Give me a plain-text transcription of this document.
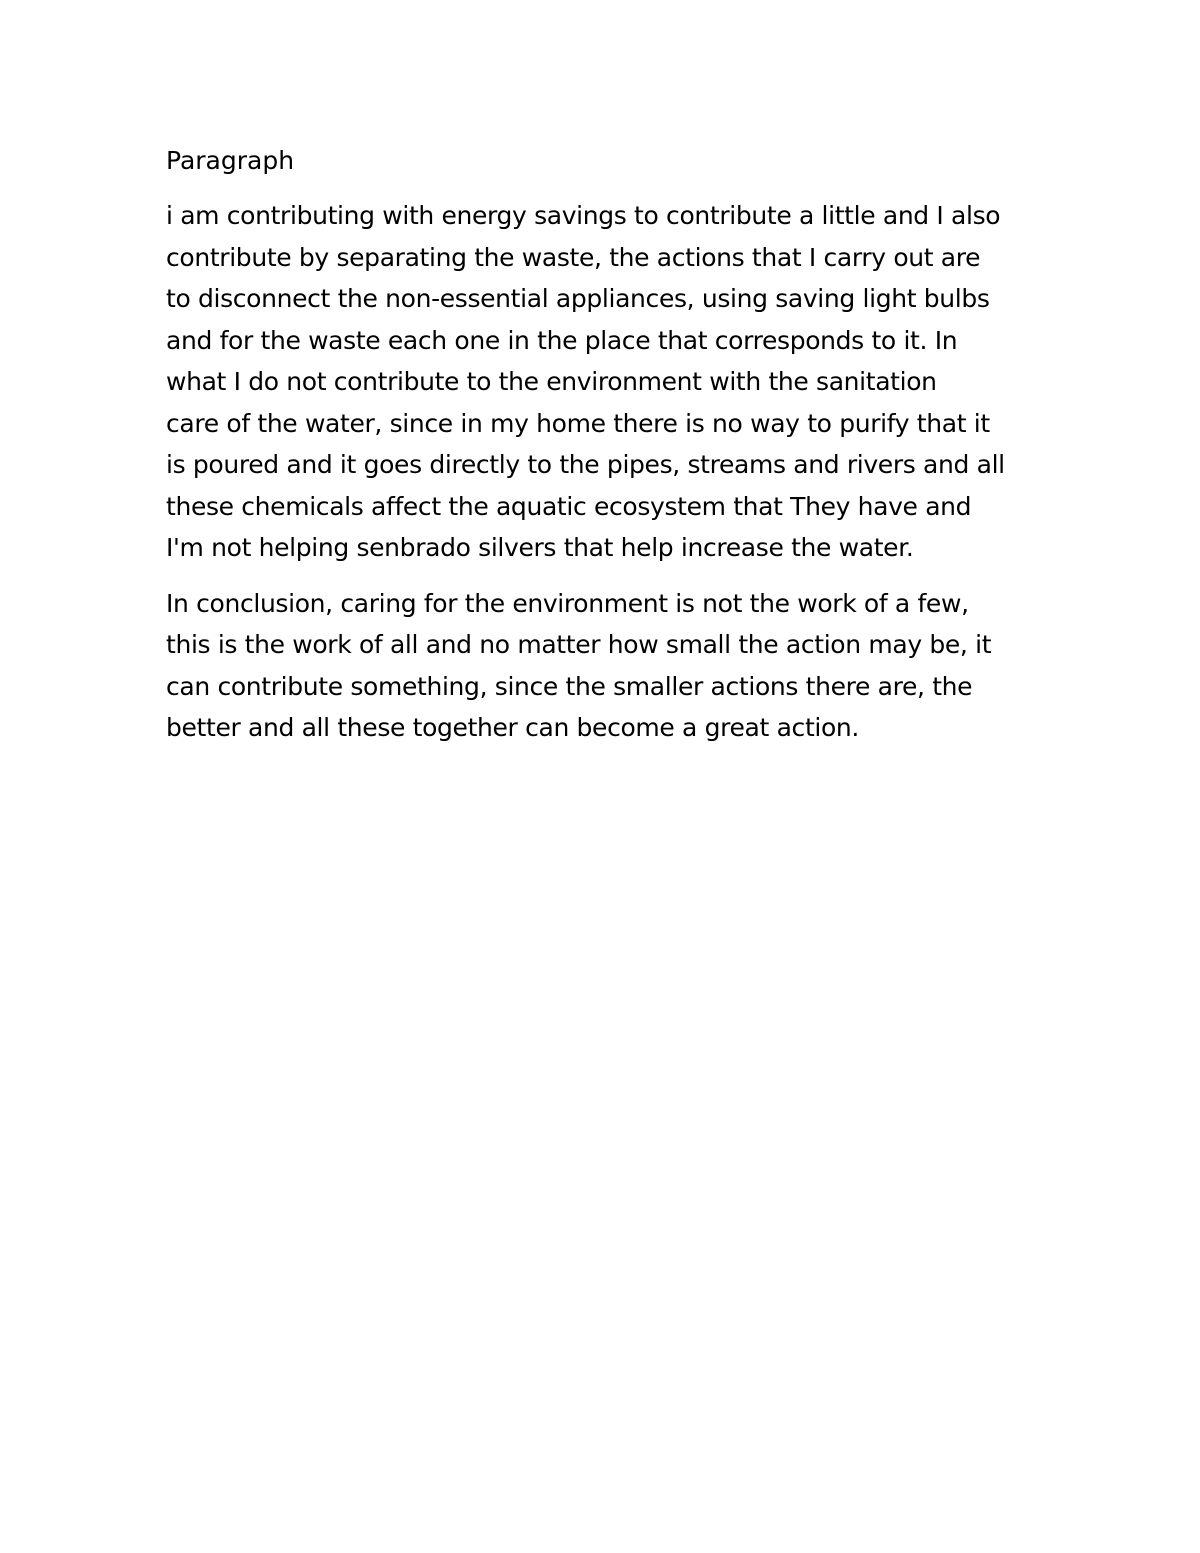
Paragraph

i am contributing with energy savings to contribute a little and I also
contribute by separating the waste, the actions that I carry out are
to disconnect the non-essential appliances, using saving light bulbs
and for the waste each one in the place that corresponds to it. In
what I do not contribute to the environment with the sanitation
care of the water, since in my home there is no way to purify that it
is poured and it goes directly to the pipes, streams and rivers and all
these chemicals affect the aquatic ecosystem that They have and
I'm not helping senbrado silvers that help increase the water.

In conclusion, caring for the environment is not the work of a few,
this is the work of all and no matter how small the action may be, it
can contribute something, since the smaller actions there are, the
better and all these together can become a great action.
